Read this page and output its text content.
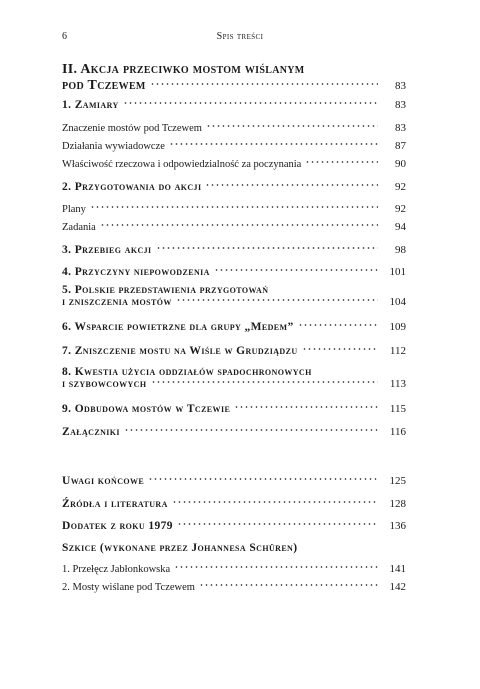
6	Spis treści
II. Akcja przeciwko mostom wiślanym
pod Tczewem	83
1. Zamiary	83
Znaczenie mostów pod Tczewem	83
Działania wywiadowcze	87
Właściwość rzeczowa i odpowiedzialność za poczynania	90
2. Przygotowania do akcji	92
Plany	92
Zadania	94
3. Przebieg akcji	98
4. Przyczyny niepowodzenia	101
5. Polskie przedstawienia przygotowań
i zniszczenia mostów	104
6. Wsparcie powietrzne dla grupy „Medem”	109
7. Zniszczenie mostu na Wiśle w Grudziądzu	112
8. Kwestia użycia oddziałów spadochronowych
i szybowcowych	113
9. Odbudowa mostów w Tczewie	115
Załączniki	116
Uwagi końcowe	125
Źródła i literatura	128
Dodatek z roku 1979	136
Szkice (wykonane przez Johannesa Schüren)
1. Przełęcz Jabłonkowska	141
2. Mosty wiślane pod Tczewem	142
